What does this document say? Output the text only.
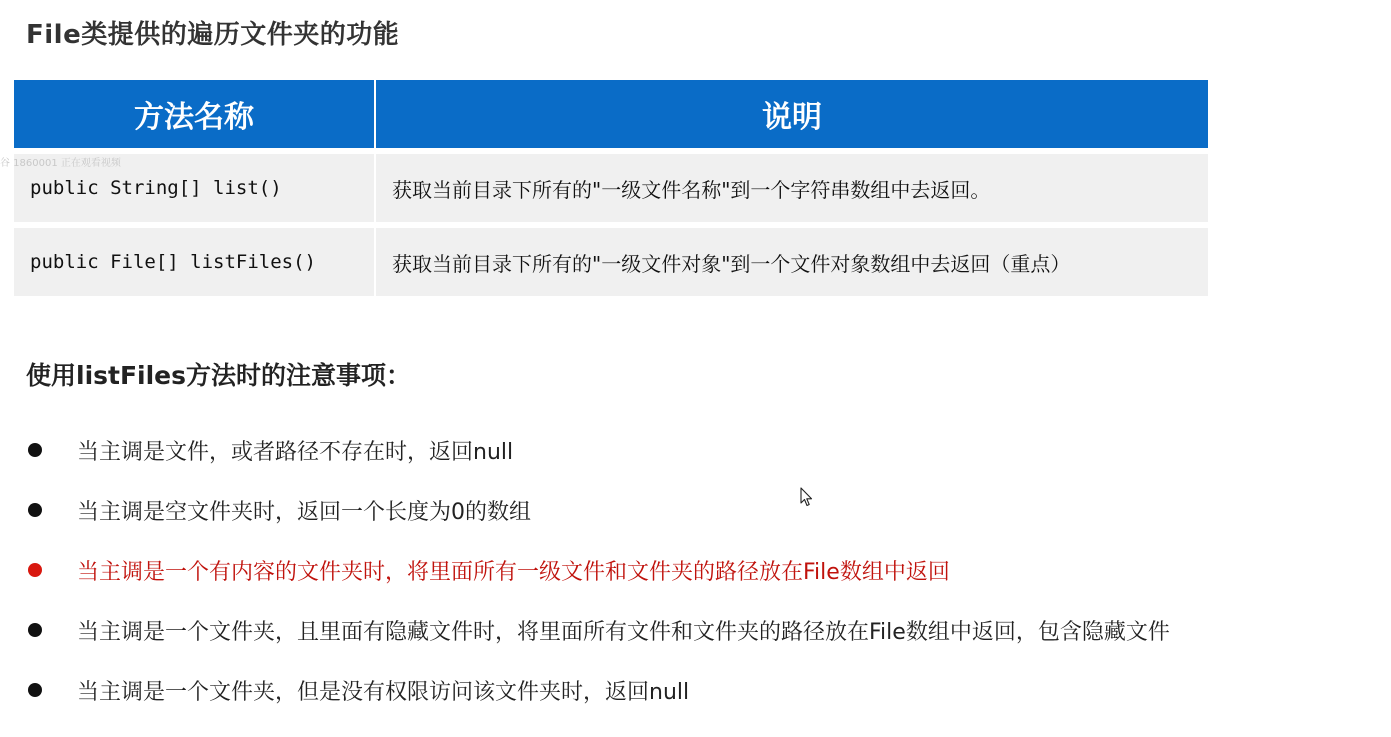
File类提供的遍历文件夹的功能
方法名称	说明
public String[] list()	获取当前目录下所有的"一级文件名称"到一个字符串数组中去返回。
public File[] listFiles()	获取当前目录下所有的"一级文件对象"到一个文件对象数组中去返回（重点）
谷 1860001 正在观看视频
使用listFiles方法时的注意事项：
当主调是文件，或者路径不存在时，返回null
当主调是空文件夹时，返回一个长度为0的数组
当主调是一个有内容的文件夹时，将里面所有一级文件和文件夹的路径放在File数组中返回
当主调是一个文件夹，且里面有隐藏文件时，将里面所有文件和文件夹的路径放在File数组中返回，包含隐藏文件
当主调是一个文件夹，但是没有权限访问该文件夹时，返回null
